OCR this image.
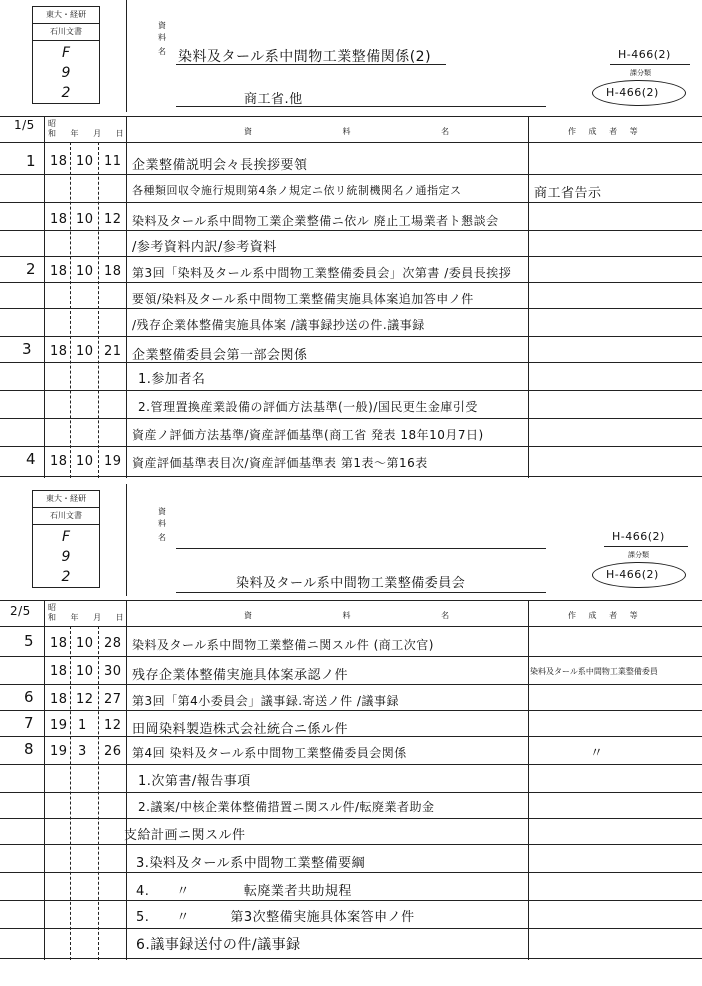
東大・経研
石川文書
F
9
2
資
料
名 染料及タール系中間物工業整備関係(2)
商工省.他
H-466(2)
課分類
H-466(2)
1/5 昭
和 年 月 日	資 料 名	作 成 者 等
1 18 10 11 企業整備説明会々長挨拶要領
各種類回収令施行規則第4条ノ規定ニ依リ統制機関名ノ通指定ス	商工省告示
18 10 12 染料及タール系中間物工業企業整備ニ依ル 廃止工場業者ト懇談会
/参考資料内訳/参考資料
2 18 10 18 第3回「染料及タール系中間物工業整備委員会」次第書 /委員長挨拶
要領/染料及タール系中間物工業整備実施具体案追加答申ノ件
/残存企業体整備実施具体案 /議事録抄送の件.議事録
3 18 10 21 企業整備委員会第一部会関係
1.参加者名
2.管理置換産業設備の評価方法基準(一般)/国民更生金庫引受
資産ノ評価方法基準/資産評価基準(商工省 発表 18年10月7日)
4 18 10 19 資産評価基準表目次/資産評価基準表 第1表～第16表
東大・経研
石川文書
F
9
2
資
料
名
染料及タール系中間物工業整備委員会
H-466(2)
課分類
H-466(2)
2/5 昭
和 年 月 日	資 料 名	作 成 者 等
5 18 10 28 染料及タール系中間物工業整備ニ関スル件 (商工次官)
18 10 30 残存企業体整備実施具体案承認ノ件	染料及タール系中間物工業整備委員
6 18 12 27 第3回「第4小委員会」議事録.寄送ノ件 /議事録
7 19 1 12 田岡染料製造株式会社統合ニ係ル件
8 19 3 26 第4回 染料及タール系中間物工業整備委員会関係	〃
1.次第書/報告事項
2.議案/中核企業体整備措置ニ関スル件/転廃業者助金
支給計画ニ関スル件
3.染料及タール系中間物工業整備要綱
4.　　〃　　　　転廃業者共助規程
5.　　〃　　　第3次整備実施具体案答申ノ件
6.議事録送付の件/議事録
